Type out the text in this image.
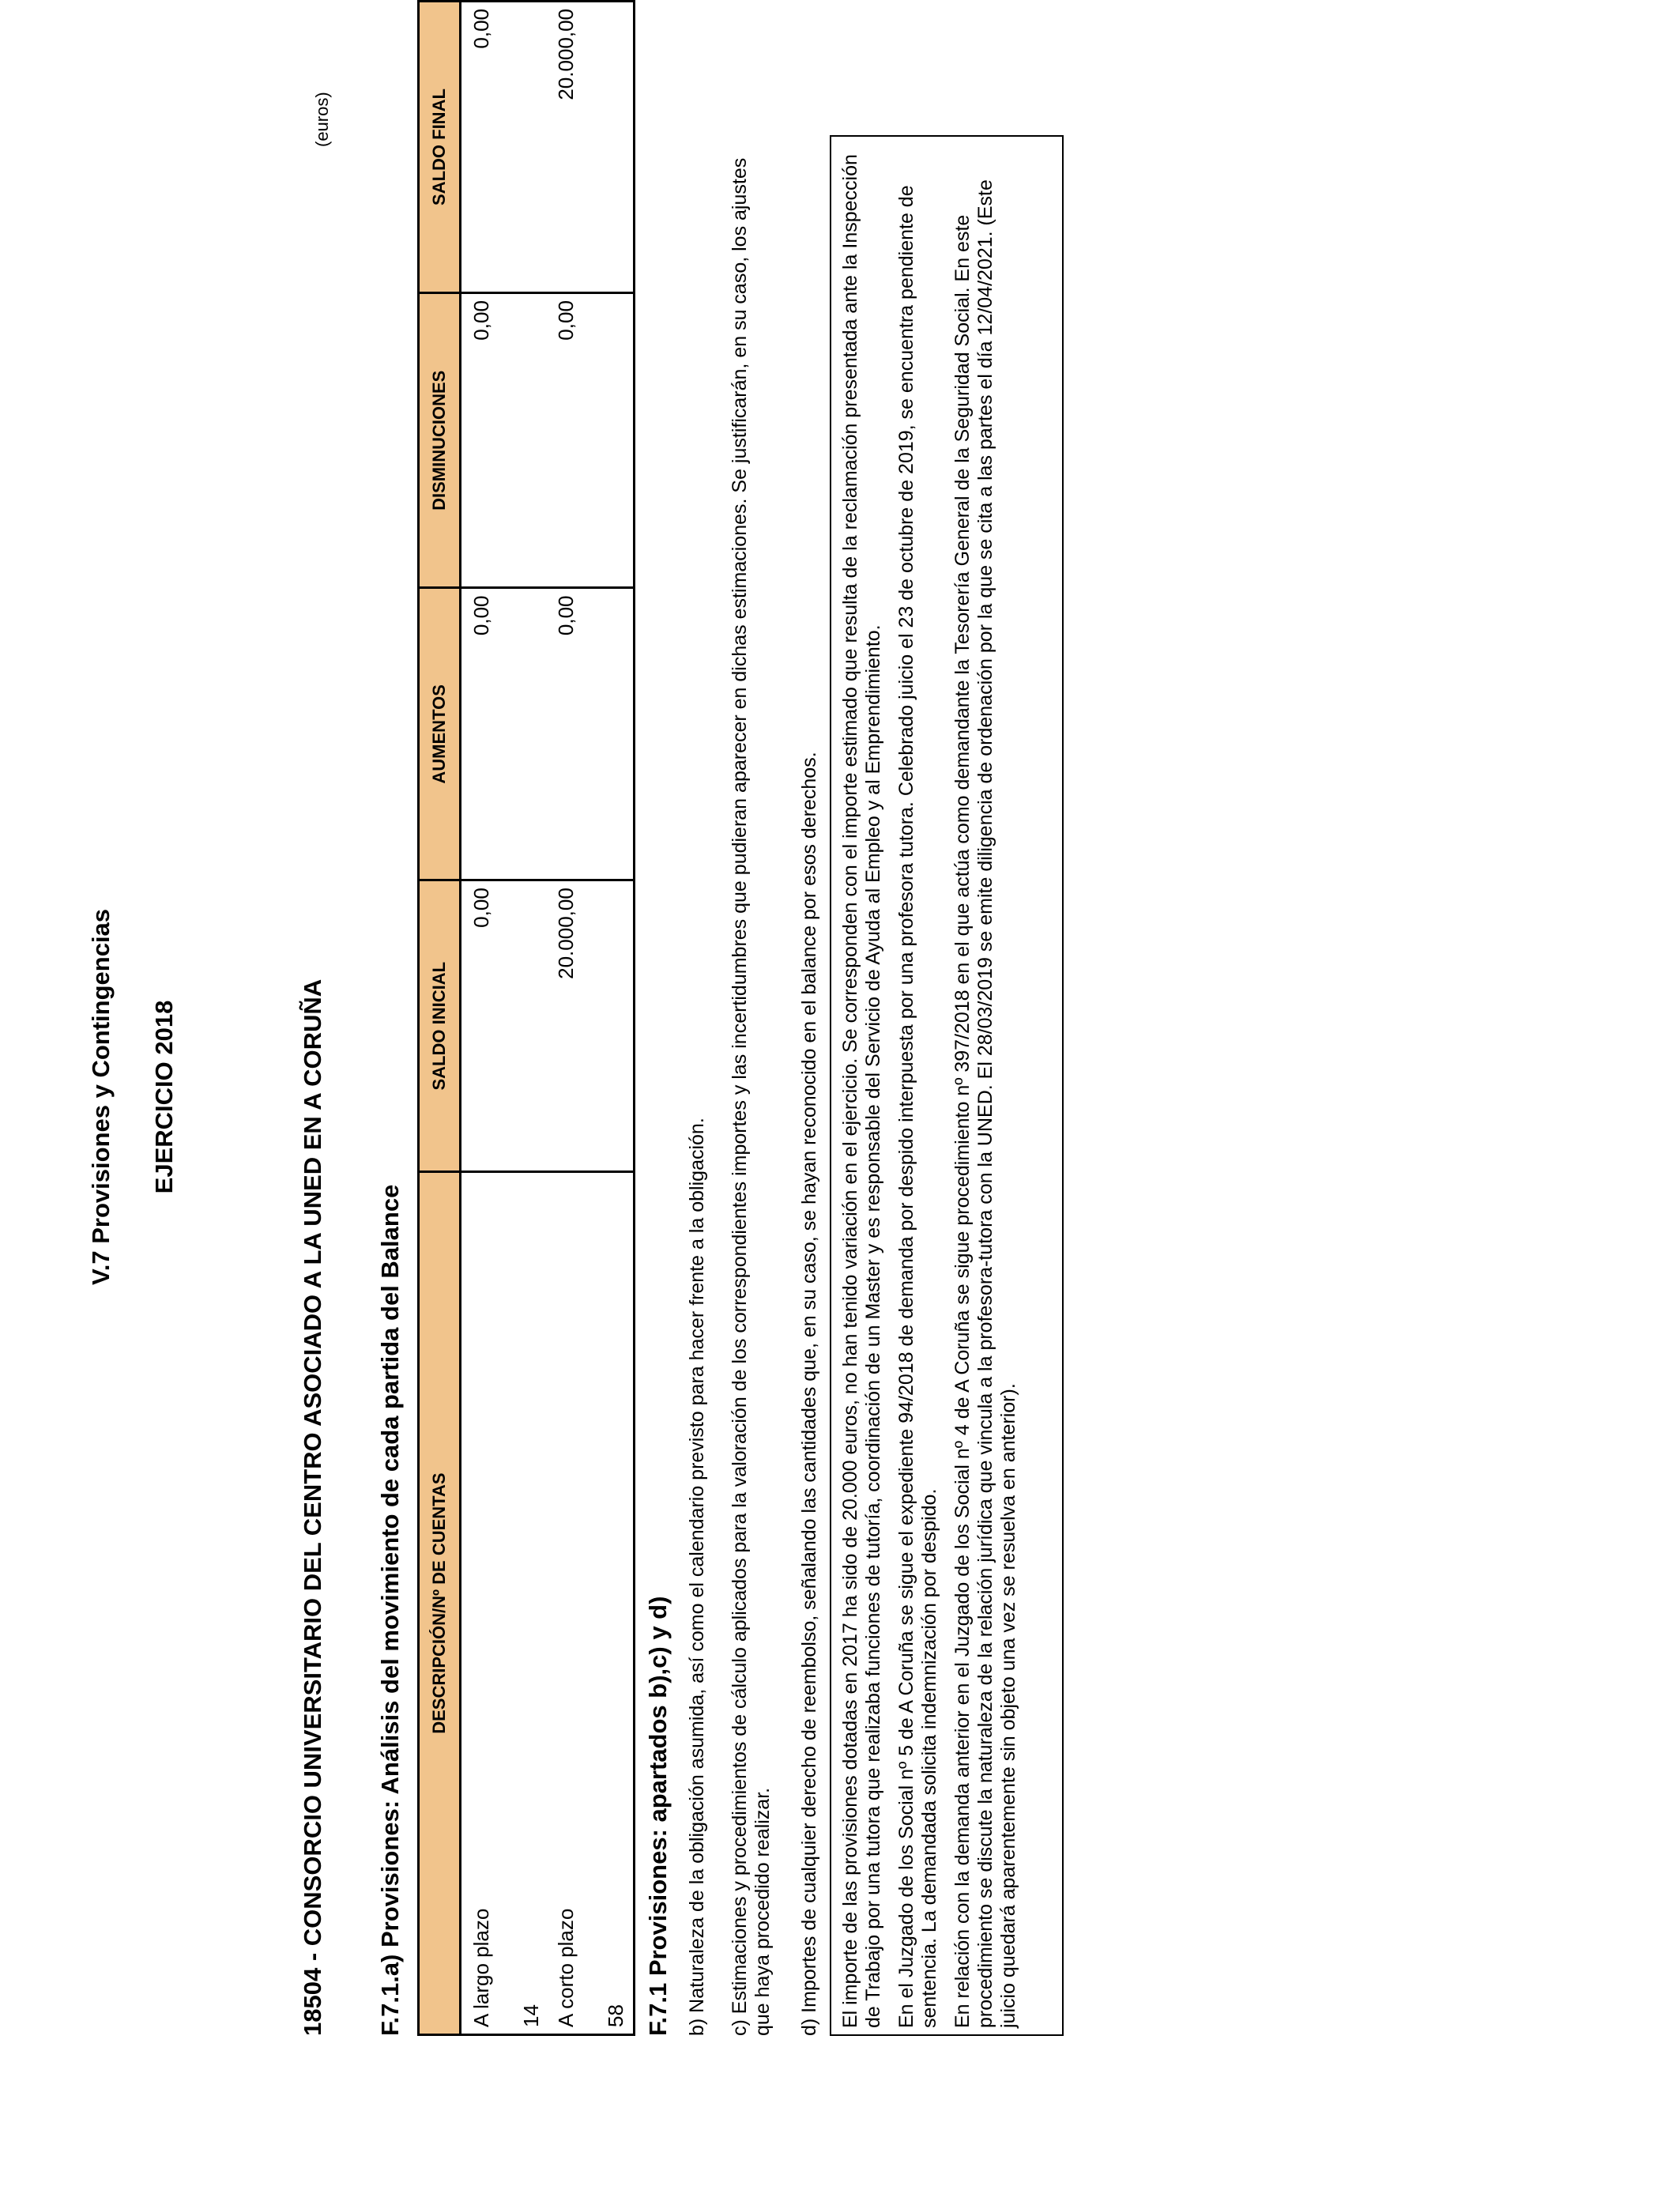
V.7 Provisiones y Contingencias EJERCICIO 2018	18504 - CONSORCIO UNIVERSITARIO DEL CENTRO ASOCIADO A LA UNED EN A CORUÑA
(euros)
F.7.1.a) Provisiones: Análisis del movimiento de cada partida del Balance DESCRIPCIÓN/Nº DE CUENTAS	SALDO INICIAL	AUMENTOS	DISMINUCIONES	SALDO FINAL
A largo plazo 14	0,00	0,00	0,00	0,00
A corto plazo 58	20.000,00	0,00	0,00	20.000,00
F.7.1 Provisiones: apartados b),c) y d) b) Naturaleza de la obligación asumida, así como el calendario previsto para hacer frente a la obligación. c) Estimaciones y procedimientos de cálculo aplicados para la valoración de los correspondientes importes y las incertidumbres que pudieran aparecer en dichas estimaciones. Se justificarán, en su caso, los ajustes que haya procedido realizar. d) Importes de cualquier derecho de reembolso, señalando las cantidades que, en su caso, se hayan reconocido en el balance por esos derechos. El importe de las provisiones dotadas en 2017 ha sido de 20.000 euros, no han tenido variación en el ejercicio. Se corresponden con el importe estimado que resulta de la reclamación presentada ante la Inspección de Trabajo por una tutora que realizaba funciones de tutoría, coordinación de un Master y es responsable del Servicio de Ayuda al Empleo y al Emprendimiento. En el Juzgado de los Social nº 5 de A Coruña se sigue el expediente 94/2018 de demanda por despido interpuesta por una profesora tutora. Celebrado juicio el 23 de octubre de 2019, se encuentra pendiente de sentencia. La demandada solicita indemnización por despido. En relación con la demanda anterior en el Juzgado de los Social nº 4 de A Coruña se sigue procedimiento nº 397/2018 en el que actúa como demandante la Tesorería General de la Seguridad Social. En este procedimiento se discute la naturaleza de la relación jurídica que vincula a la profesora-tutora con la UNED. El 28/03/2019 se emite diligencia de ordenación por la que se cita a las partes el día 12/04/2021. (Este juicio quedará aparentemente sin objeto una vez se resuelva en anterior).
